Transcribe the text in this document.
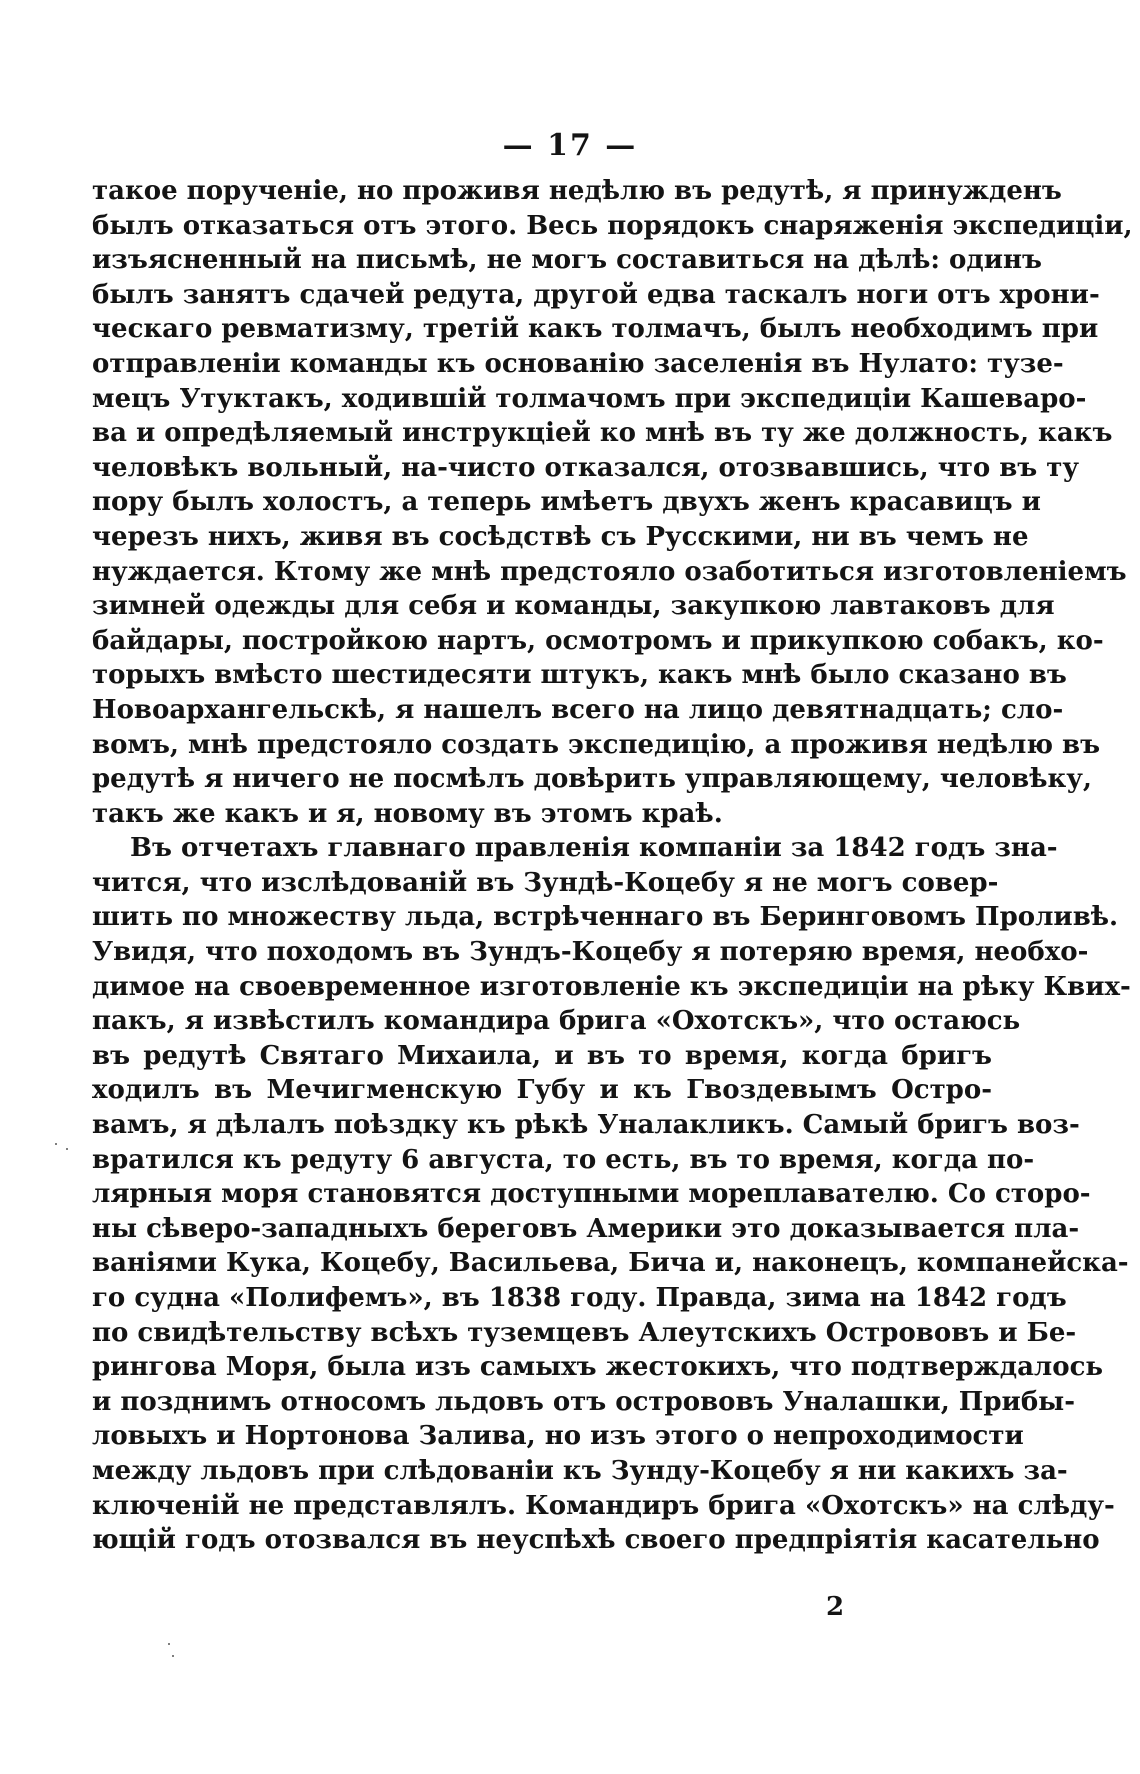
— 17 —
такое порученіе, но проживя недѣлю въ редутѣ, я принужденъ
былъ отказаться отъ этого. Весь порядокъ снаряженія экспедиціи,
изъясненный на письмѣ, не могъ составиться на дѣлѣ: одинъ
былъ занятъ сдачей редута, другой едва таскалъ ноги отъ хрони-
ческаго ревматизму, третій какъ толмачъ, былъ необходимъ при
отправленіи команды къ основанію заселенія въ Нулато: тузе-
мецъ Утуктакъ, ходившій толмачомъ при экспедиціи Кашеваро-
ва и опредѣляемый инструкціей ко мнѣ въ ту же должность, какъ
человѣкъ вольный, на-чисто отказался, отозвавшись, что въ ту
пору былъ холостъ, а теперь имѣетъ двухъ женъ красавицъ и
черезъ нихъ, живя въ сосѣдствѣ съ Русскими, ни въ чемъ не
нуждается. Ктому же мнѣ предстояло озаботиться изготовленіемъ
зимней одежды для себя и команды, закупкою лавтаковъ для
байдары, постройкою нартъ, осмотромъ и прикупкою собакъ, ко-
торыхъ вмѣсто шестидесяти штукъ, какъ мнѣ было сказано въ
Новоархангельскѣ, я нашелъ всего на лицо девятнадцать; сло-
вомъ, мнѣ предстояло создать экспедицію, а проживя недѣлю въ
редутѣ я ничего не посмѣлъ довѣрить управляющему, человѣку,
такъ же какъ и я, новому въ этомъ краѣ.
Въ отчетахъ главнаго правленія компаніи за 1842 годъ зна-
чится, что изслѣдованій въ Зундѣ-Коцебу я не могъ совер-
шить по множеству льда, встрѣченнаго въ Беринговомъ Проливѣ.
Увидя, что походомъ въ Зундъ-Коцебу я потеряю время, необхо-
димое на своевременное изготовленіе къ экспедиціи на рѣку Квих-
пакъ, я извѣстилъ командира брига «Охотскъ», что остаюсь
въ редутѣ Святаго Михаила, и въ то время, когда бригъ
ходилъ въ Мечигменскую Губу и къ Гвоздевымъ Остро-
вамъ, я дѣлалъ поѣздку къ рѣкѣ Уналакликъ. Самый бригъ воз-
вратился къ редуту 6 августа, то есть, въ то время, когда по-
лярныя моря становятся доступными мореплавателю. Со сторо-
ны сѣверо-западныхъ береговъ Америки это доказывается пла-
ваніями Кука, Коцебу, Васильева, Бича и, наконецъ, компанейска-
го судна «Полифемъ», въ 1838 году. Правда, зима на 1842 годъ
по свидѣтельству всѣхъ туземцевъ Алеутскихъ Острововъ и Бе-
рингова Моря, была изъ самыхъ жестокихъ, что подтверждалось
и позднимъ относомъ льдовъ отъ острововъ Уналашки, Прибы-
ловыхъ и Нортонова Залива, но изъ этого о непроходимости
между льдовъ при слѣдованіи къ Зунду-Коцебу я ни какихъ за-
ключеній не представлялъ. Командиръ брига «Охотскъ» на слѣду-
ющій годъ отозвался въ неуспѣхѣ своего предпріятія касательно
2
